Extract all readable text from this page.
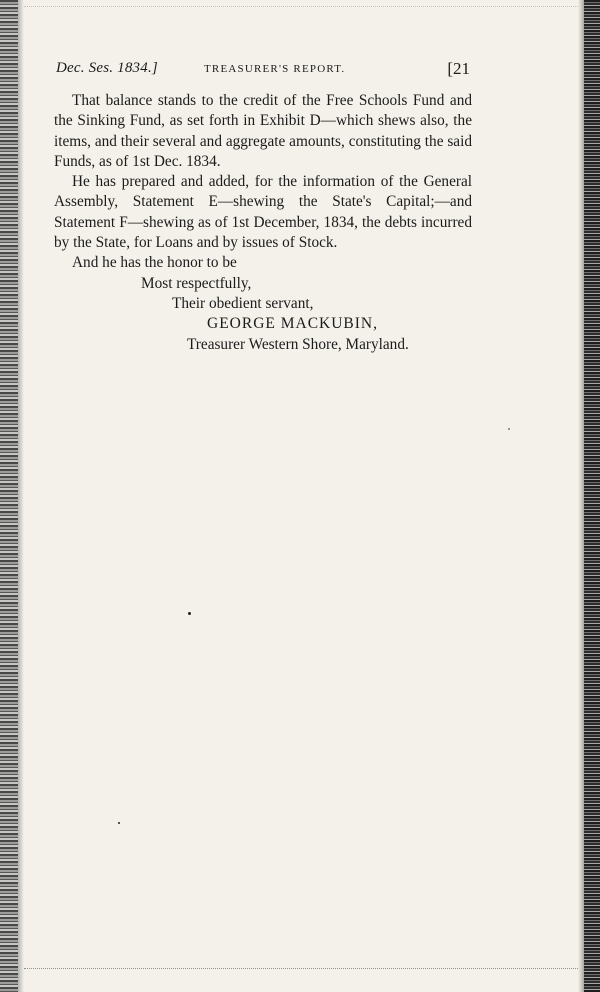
Dec. Ses. 1834.]	TREASURER'S REPORT.	[21

That balance stands to the credit of the Free Schools Fund and the Sinking Fund, as set forth in Exhibit D—which shews also, the items, and their several and aggregate amounts, constituting the said Funds, as of 1st Dec. 1834.

He has prepared and added, for the information of the General Assembly, Statement E—shewing the State's Capital;—and Statement F—shewing as of 1st December, 1834, the debts incurred by the State, for Loans and by issues of Stock.

And he has the honor to be

Most respectfully,
Their obedient servant,
GEORGE MACKUBIN,
Treasurer Western Shore, Maryland.
